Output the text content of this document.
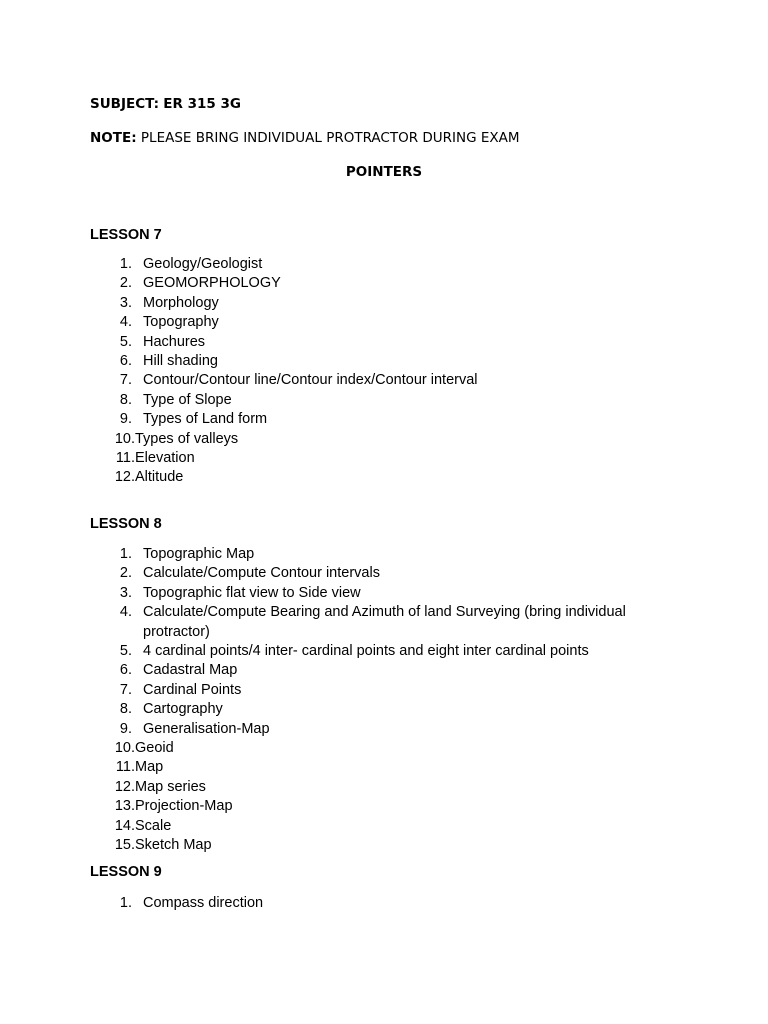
SUBJECT: ER 315 3G
NOTE: PLEASE BRING INDIVIDUAL PROTRACTOR DURING EXAM
POINTERS
LESSON 7
1. Geology/Geologist
2. GEOMORPHOLOGY
3. Morphology
4. Topography
5. Hachures
6. Hill shading
7. Contour/Contour line/Contour index/Contour interval
8. Type of Slope
9. Types of Land form
10. Types of valleys
11. Elevation
12. Altitude
LESSON 8
1. Topographic Map
2. Calculate/Compute Contour intervals
3. Topographic flat view to Side view
4. Calculate/Compute Bearing and Azimuth of land Surveying (bring individual protractor)
5. 4 cardinal points/4 inter- cardinal points and eight inter cardinal points
6. Cadastral Map
7. Cardinal Points
8. Cartography
9. Generalisation-Map
10. Geoid
11. Map
12. Map series
13. Projection-Map
14. Scale
15. Sketch Map
LESSON 9
1. Compass direction
